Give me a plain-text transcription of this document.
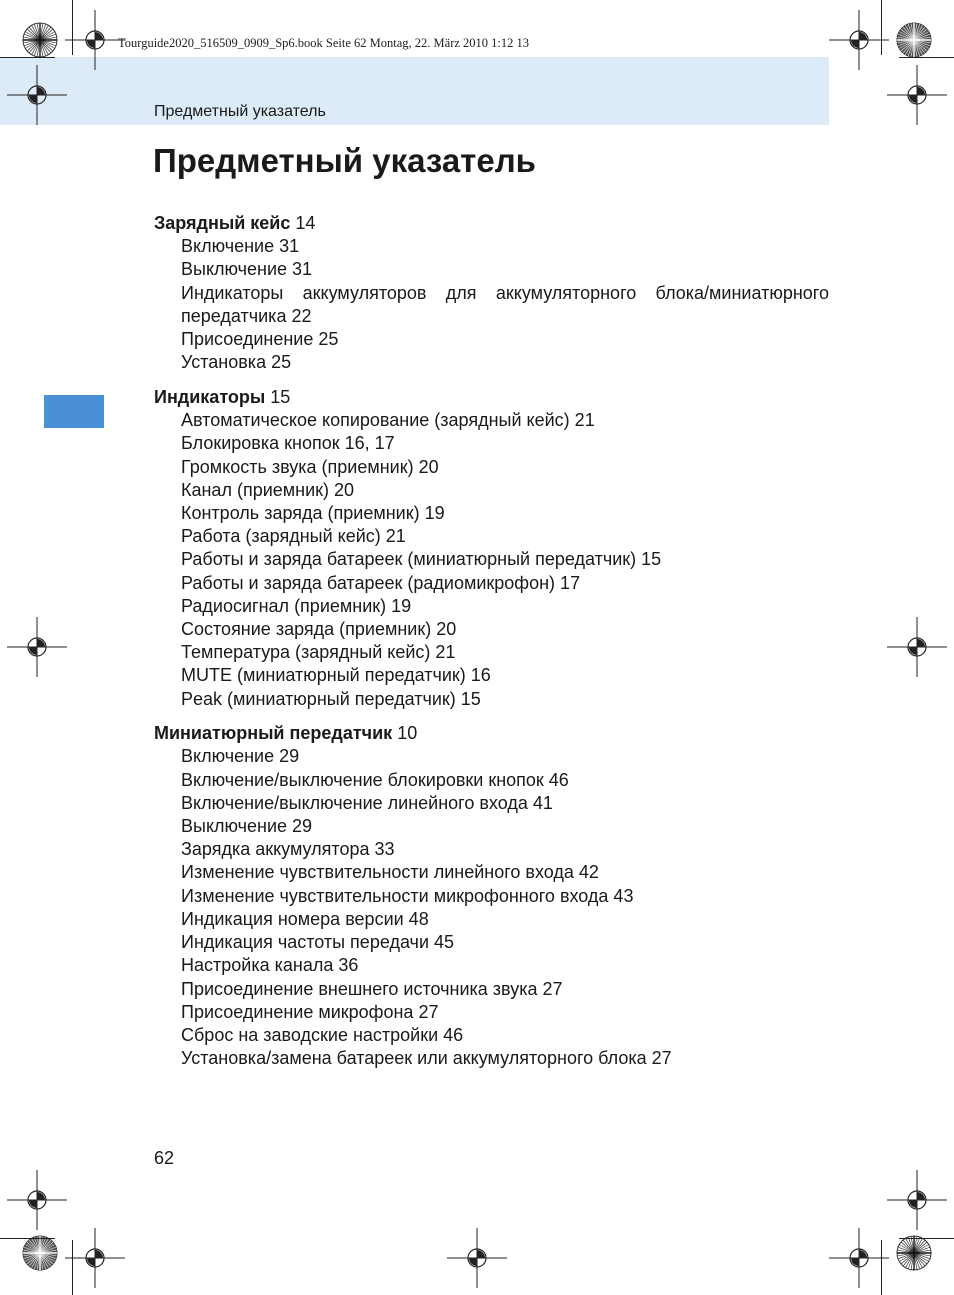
Tourguide2020_516509_0909_Sp6.book Seite 62 Montag, 22. März 2010 1:12 13
Предметный указатель
Предметный указатель
Зарядный кейс 14
Включение 31
Выключение 31
Индикаторы аккумуляторов для аккумуляторного блока/миниатюрного передатчика 22
Присоединение 25
Установка 25
Индикаторы 15
Автоматическое копирование (зарядный кейс) 21
Блокировка кнопок 16, 17
Громкость звука (приемник) 20
Канал (приемник) 20
Контроль заряда (приемник) 19
Работа (зарядный кейс) 21
Работы и заряда батареек (миниатюрный передатчик) 15
Работы и заряда батареек (радиомикрофон) 17
Радиосигнал (приемник) 19
Состояние заряда (приемник) 20
Температура (зарядный кейс) 21
MUTE (миниатюрный передатчик) 16
Peak (миниатюрный передатчик) 15
Миниатюрный передатчик 10
Включение 29
Включение/выключение блокировки кнопок 46
Включение/выключение линейного входа 41
Выключение 29
Зарядка аккумулятора 33
Изменение чувствительности линейного входа 42
Изменение чувствительности микрофонного входа 43
Индикация номера версии 48
Индикация частоты передачи 45
Настройка канала 36
Присоединение внешнего источника звука 27
Присоединение микрофона 27
Сброс на заводские настройки 46
Установка/замена батареек или аккумуляторного блока 27
62
